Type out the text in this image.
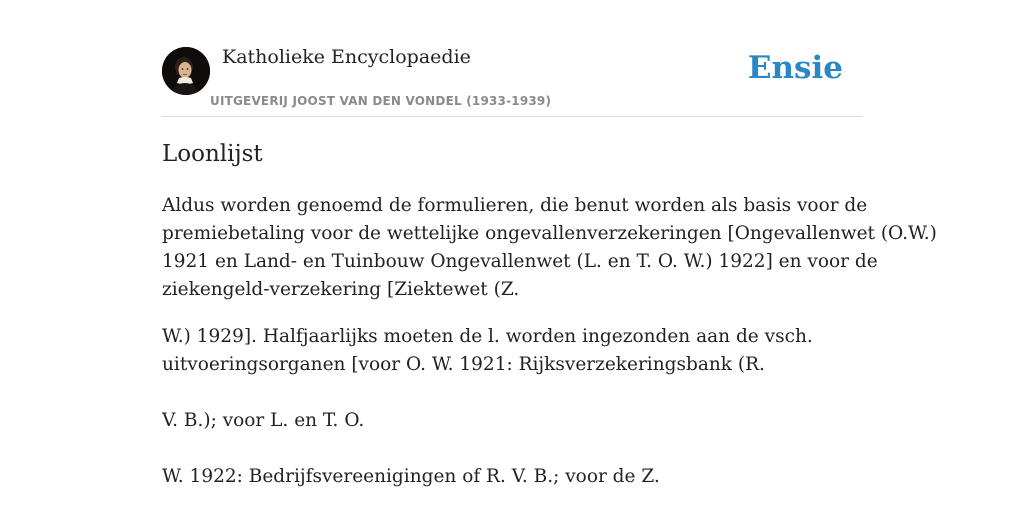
Katholieke Encyclopaedie
UITGEVERIJ JOOST VAN DEN VONDEL (1933-1939)
Ensie
Loonlijst

Aldus worden genoemd de formulieren, die benut worden als basis voor de
premiebetaling voor de wettelijke ongevallenverzekeringen [Ongevallenwet (O.W.)
1921 en Land- en Tuinbouw Ongevallenwet (L. en T. O. W.) 1922] en voor de
ziekengeld-verzekering [Ziektewet (Z.

W.) 1929]. Halfjaarlijks moeten de l. worden ingezonden aan de vsch.
uitvoeringsorganen [voor O. W. 1921: Rijksverzekeringsbank (R.

V. B.); voor L. en T. O.

W. 1922: Bedrijfsvereenigingen of R. V. B.; voor de Z.
